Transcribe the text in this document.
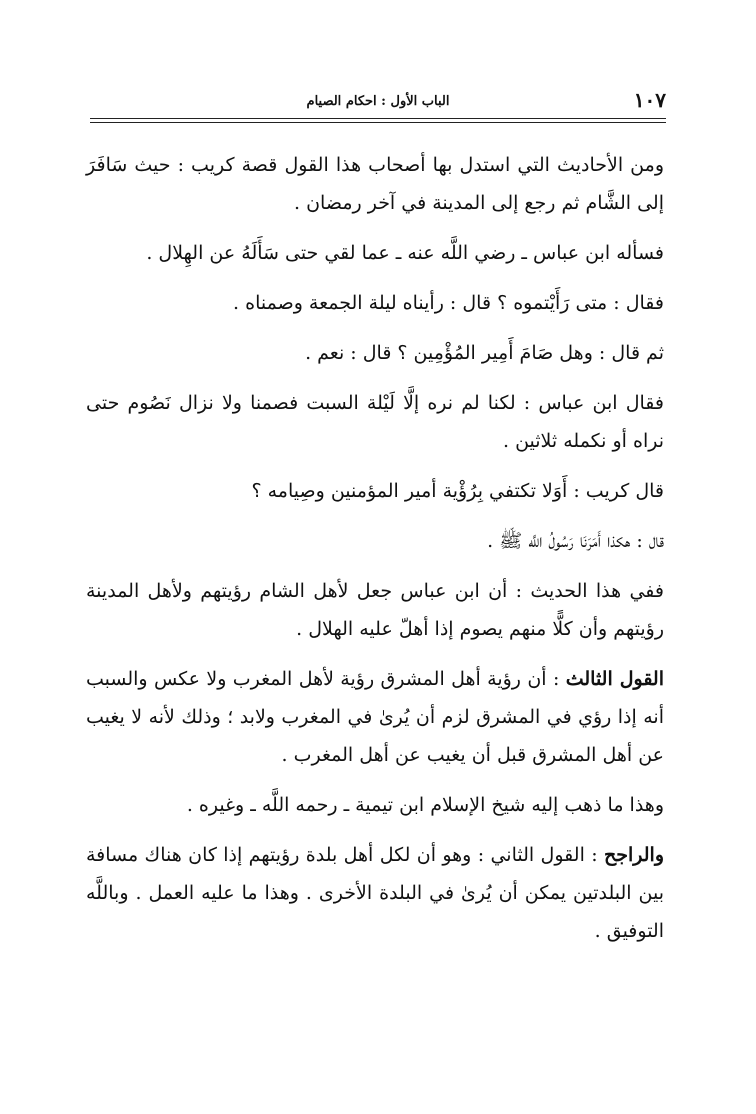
١٠٧
الباب الأول : احكام الصيام

ومن الأحاديث التي استدل بها أصحاب هذا القول قصة كريب : حيث سَافَرَ إلى الشَّام ثم رجع إلى المدينة في آخر رمضان .

فسأله ابن عباس ـ رضي اللَّه عنه ـ عما لقي حتى سَأَلَهُ عن الهِلال .

فقال : متى رَأَيْتموه ؟ قال : رأيناه ليلة الجمعة وصمناه .

ثم قال : وهل صَامَ أَمِير المُؤْمِين ؟ قال : نعم .

فقال ابن عباس : لكنا لم نره إلَّا لَيْلة السبت فصمنا ولا نزال نَصُوم حتى نراه أو نكمله ثلاثين .

قال كريب : أَوَلا تكتفي بِرُؤْية أمير المؤمنين وصِيامه ؟

قال : هكذا أَمَرَنَا رَسُولُ اللَّه ﷺ .

ففي هذا الحديث : أن ابن عباس جعل لأهل الشام رؤيتهم ولأهل المدينة رؤيتهم وأن كلًّا منهم يصوم إذا أهلّ عليه الهلال .

القول الثالث : أن رؤية أهل المشرق رؤية لأهل المغرب ولا عكس والسبب أنه إذا رؤي في المشرق لزم أن يُرىٰ في المغرب ولابد ؛ وذلك لأنه لا يغيب عن أهل المشرق قبل أن يغيب عن أهل المغرب .

وهذا ما ذهب إليه شيخ الإسلام ابن تيمية ـ رحمه اللَّه ـ وغيره .

والراجح : القول الثاني : وهو أن لكل أهل بلدة رؤيتهم إذا كان هناك مسافة بين البلدتين يمكن أن يُرىٰ في البلدة الأخرى . وهذا ما عليه العمل . وباللَّه التوفيق .
